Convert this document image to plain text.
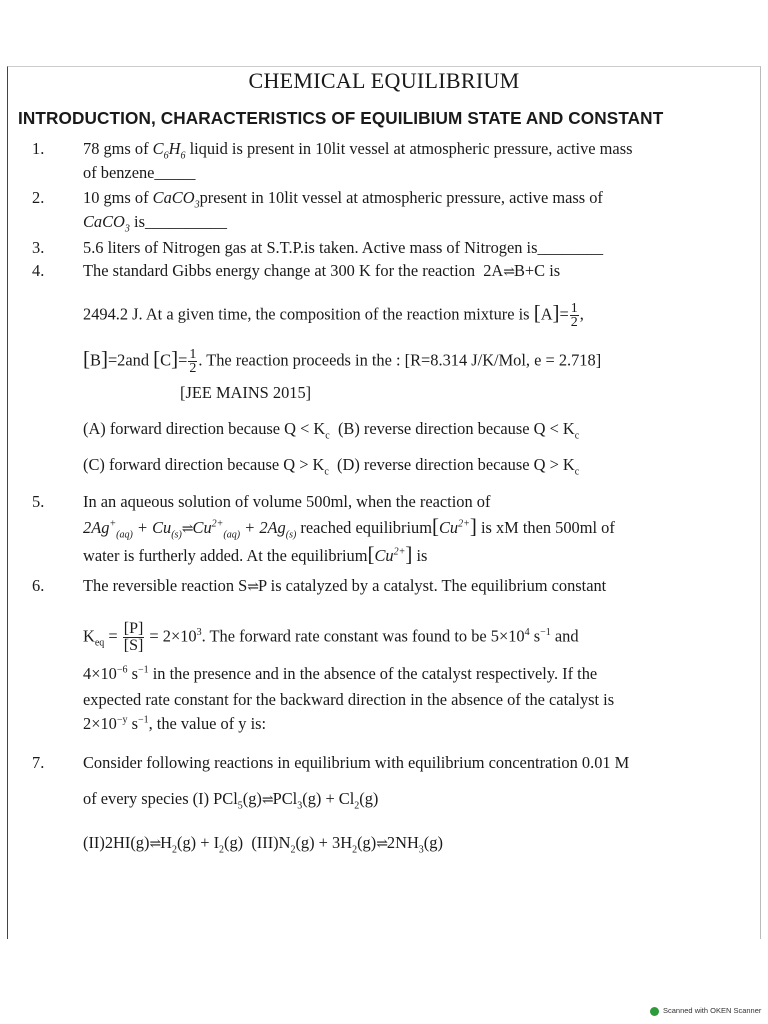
CHEMICAL EQUILIBRIUM
INTRODUCTION, CHARACTERISTICS OF EQUILIBIUM STATE AND CONSTANT
1. 78 gms of $C_6H_6$ liquid is present in 10lit vessel at atmospheric pressure, active mass
of benzene_____
2. 10 gms of CaCO$_3$present in 10lit vessel at atmospheric pressure, active mass of
CaCO$_3$ is__________
3. 5.6 liters of Nitrogen gas at S.T.P.is taken. Active mass of Nitrogen is________
4. The standard Gibbs energy change at 300 K for the reaction  2A⇌B+C is
2494.2 J. At a given time, the composition of the reaction mixture is $[A]= \frac{1}{2}$ ,
[B]=2and $[C]= \frac{1}{2}$ . The reaction proceeds in the : [R=8.314 J/K/Mol, e = 2.718]
[JEE MAINS 2015]
(A) forward direction because $Q < K_c$ (B) reverse direction because $Q < K_c$
(C) forward direction because $Q > K_c$ (D) reverse direction because $Q > K_c$
5. In an aqueous solution of volume 500ml, when the reaction of
$2Ag^+_{(aq)}$ + $Cu_{(s)}\rightleftharpoons Cu^{2+}_{(aq)} + 2Ag_{(s)}$ reached $equilibrium[Cu^{2+}]$ is xM then 500ml of
water is furtherly added. At the $equilibrium[Cu^{2+}]$ is
6. The reversible reaction S⇌P is catalyzed by a catalyst. The equilibrium constant
$K_{eq} = \frac{[P]}{[S]} = 2\times 10^3$. The forward rate constant was found to be $5\times 10^4$ $s^{-1}$ and
$4\times 10^{-6}$ $s^{-1}$ in the presence and in the absence of the catalyst respectively. If the
expected rate constant for the backward direction in the absence of the catalyst is
$2\times 10^{-y}$ $s^{-1}$, the value of y is:
7. Consider following reactions in equilibrium with equilibrium concentration 0.01 M
of every species (I) PCl$_5$(g)⇌PCl$_3$(g) + $Cl_2(g)$
$(II)2HI(g)\rightleftharpoons H_2(g) + I_2(g) (III)N_2(g)$ + $3H_2(g)\rightleftharpoons 2NH_3(g)$
Scanned with OKEN Scanner
